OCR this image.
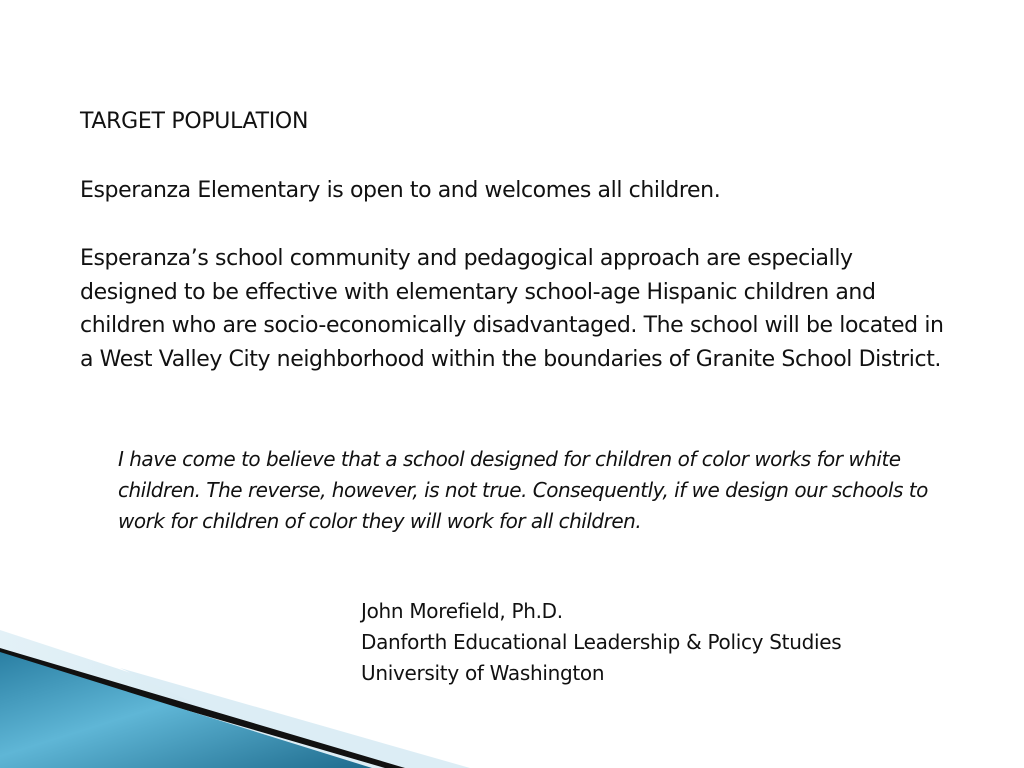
TARGET POPULATION

Esperanza Elementary is open to and welcomes all children.

Esperanza’s school community and pedagogical approach are especially designed to be effective with elementary school-age Hispanic children and children who are socio-economically disadvantaged. The school will be located in a West Valley City neighborhood within the boundaries of Granite School District.

I have come to believe that a school designed for children of color works for white children. The reverse, however, is not true. Consequently, if we design our schools to work for children of color they will work for all children.

John Morefield, Ph.D.
Danforth Educational Leadership & Policy Studies
University of Washington
